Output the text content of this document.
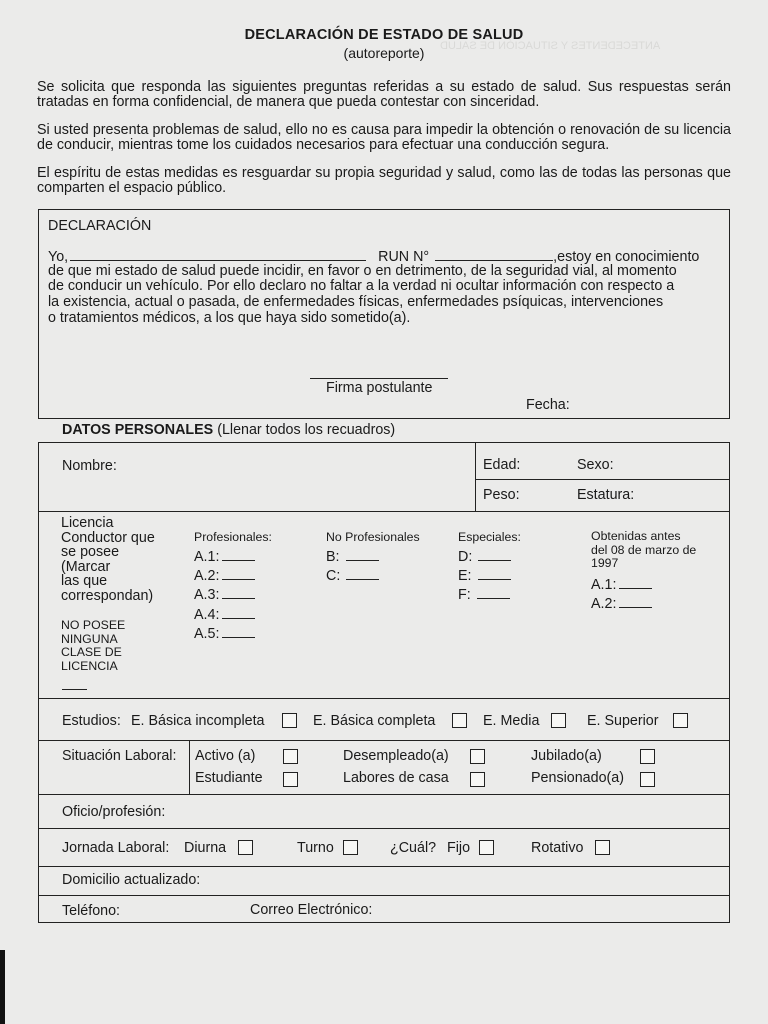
ANTECEDENTES Y SITUACIÓN DE SALUD
DECLARACIÓN DE ESTADO DE SALUD
(autoreporte)
Se solicita que responda las siguientes preguntas referidas a su estado de salud. Sus respuestas serán tratadas en forma confidencial, de manera que pueda contestar con sinceridad.
Si usted presenta problemas de salud, ello no es causa para impedir la obtención o renovación de su licencia de conducir, mientras tome los cuidados necesarios para efectuar una conducción segura.
El espíritu de estas medidas es resguardar su propia seguridad y salud, como las de todas las personas que comparten el espacio público.
DECLARACIÓN
Yo,	RUN N°	,estoy en conocimiento
de que mi estado de salud puede incidir, en favor o en detrimento, de la seguridad vial, al momento
de conducir un vehículo. Por ello declaro no faltar a la verdad ni ocultar información con respecto a
la existencia, actual o pasada, de enfermedades físicas, enfermedades psíquicas, intervenciones
o tratamientos médicos, a los que haya sido sometido(a).
Firma postulante
Fecha:
DATOS PERSONALES (Llenar todos los recuadros)
Nombre:	Edad:	Sexo:
Peso:	Estatura:
Licencia
Conductor que
se posee
(Marcar
las que
correspondan)
NO POSEE
NINGUNA
CLASE DE
LICENCIA
Profesionales:
A.1:
A.2:
A.3:
A.4:
A.5:
No Profesionales
B:
C:
Especiales:
D:
E:
F:
Obtenidas antes
del 08 de marzo de
1997
A.1:
A.2:
Estudios: E. Básica incompleta	E. Básica completa	E. Media	E. Superior
Situación Laboral: Activo (a)	Desempleado(a)	Jubilado(a)
Estudiante	Labores de casa	Pensionado(a)
Oficio/profesión:
Jornada Laboral: Diurna	Turno	¿Cuál? Fijo	Rotativo
Domicilio actualizado:
Teléfono:	Correo Electrónico:
